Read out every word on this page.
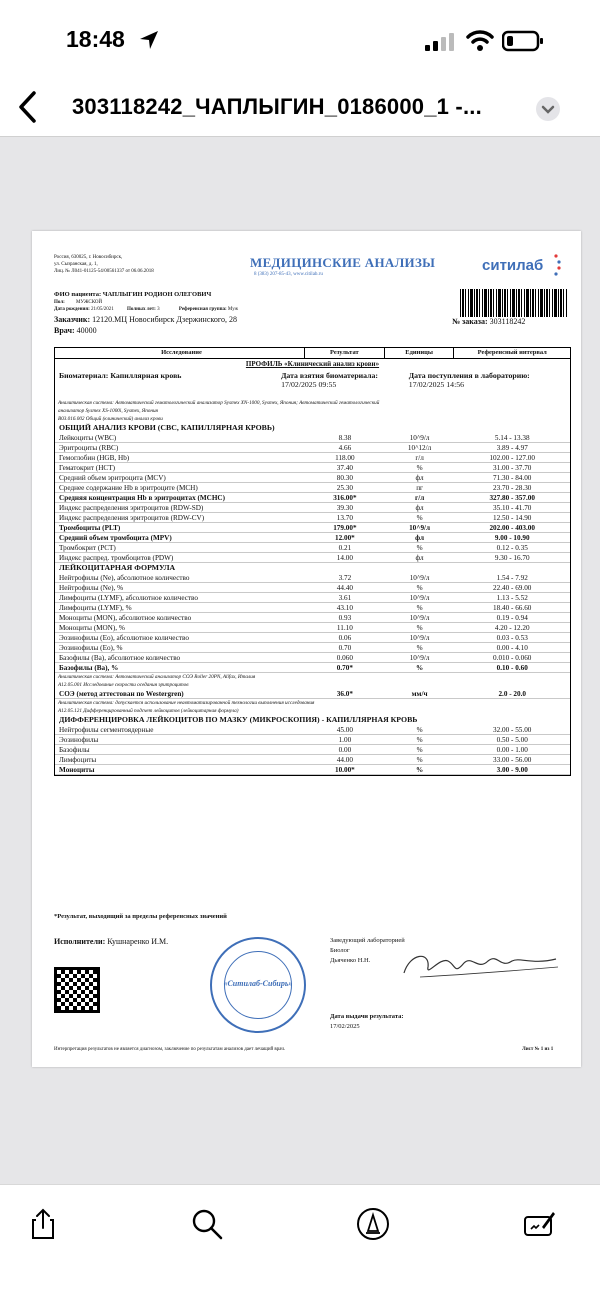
18:48
303118242_ЧАПЛЫГИН_0186000_1 -...
Россия, 630025, г. Новосибирск,
ул. Сызранская, д. 1,
Лиц. № Л041-01125-54/00561337 от 06.06.2018
МЕДИЦИНСКИЕ АНАЛИЗЫ
8 (383) 207-85-43, www.citilab.ru
ситилаб
ФИО пациента: ЧАПЛЫГИН РОДИОН ОЛЕГОВИЧ
Пол: МУЖСКОЙ
Дата рождения: 21/05/2021	Полных лет: 3	Референсная группа: Муж
Заказчик: 12120.МЦ Новосибирск Дзержинского, 28
Врач: 40000
№ заказа: 303118242
Исследование	Результат	Единицы	Референсный интервал
ПРОФИЛЬ «Клинический анализ крови»
Биоматериал: Капиллярная кровь	Дата взятия биоматериала:
17/02/2025 09:55
Дата поступления в лабораторию:
17/02/2025 14:56
Аналитическая система: Автоматический гематологический анализатор Sysmex XN-1000, Sysmex, Япония; Автоматический гематологический
анализатор Sysmex XS-1000i, Sysmex, Япония
B03.016.002 Общий (клинический) анализ крови
ОБЩИЙ АНАЛИЗ КРОВИ (CBC, КАПИЛЛЯРНАЯ КРОВЬ)
Лейкоциты (WBC)	8.38	10^9/л	5.14 - 13.38
Эритроциты (RBC)	4.66	10^12/л	3.89 - 4.97
Гемоглобин (HGB, Hb)	118.00	г/л	102.00 - 127.00
Гематокрит (HCT)	37.40	%	31.00 - 37.70
Средний объем эритроцита (MCV)	80.30	фл	71.30 - 84.00
Среднее содержание Hb в эритроците (MCH)	25.30	пг	23.70 - 28.30
Средняя концентрация Hb в эритроцитах (MCHC)	316.00*	г/л	327.80 - 357.00
Индекс распределения эритроцитов (RDW-SD)	39.30	фл	35.10 - 41.70
Индекс распределения эритроцитов (RDW-CV)	13.70	%	12.50 - 14.90
Тромбоциты (PLT)	179.00*	10^9/л	202.00 - 403.00
Средний объем тромбоцита (MPV)	12.00*	фл	9.00 - 10.90
Тромбокрит (PCT)	0.21	%	0.12 - 0.35
Индекс распред. тромбоцитов (PDW)	14.00	фл	9.30 - 16.70
ЛЕЙКОЦИТАРНАЯ ФОРМУЛА
Нейтрофилы (Ne), абсолютное количество	3.72	10^9/л	1.54 - 7.92
Нейтрофилы (Ne), %	44.40	%	22.40 - 69.00
Лимфоциты (LYMF), абсолютное количество	3.61	10^9/л	1.13 - 5.52
Лимфоциты (LYMF), %	43.10	%	18.40 - 66.60
Моноциты (MON), абсолютное количество	0.93	10^9/л	0.19 - 0.94
Моноциты (MON), %	11.10	%	4.20 - 12.20
Эозинофилы (Eo), абсолютное количество	0.06	10^9/л	0.03 - 0.53
Эозинофилы (Eo), %	0.70	%	0.00 - 4.10
Базофилы (Ba), абсолютное количество	0.060	10^9/л	0.010 - 0.060
Базофилы (Ba), %	0.70*	%	0.10 - 0.60
Аналитическая система: Автоматический анализатор СОЭ Roller 20PN, Alifax, Италия
A12.05.001 Исследование скорости оседания эритроцитов
СОЭ (метод аттестован по Westergren)	36.0*	мм/ч	2.0 - 20.0
Аналитическая система: допускается использование неавтоматизированной технологии выполнения исследования
A12.05.121 Дифференцированный подсчет лейкоцитов (лейкоцитарная формула)
ДИФФЕРЕНЦИРОВКА ЛЕЙКОЦИТОВ ПО МАЗКУ (МИКРОСКОПИЯ) - КАПИЛЛЯРНАЯ КРОВЬ
Нейтрофилы сегментоядерные	45.00	%	32.00 - 55.00
Эозинофилы	1.00	%	0.50 - 5.00
Базофилы	0.00	%	0.00 - 1.00
Лимфоциты	44.00	%	33.00 - 56.00
Моноциты	10.00*	%	3.00 - 9.00
*Результат, выходящий за пределы референсных значений
Исполнители: Кушнаренко И.М.	Заведующий лабораторией
Биолог
Дьяченко Н.Н.
«Ситилаб-Сибирь»
Дата выдачи результата:
17/02/2025
Интерпретация результатов не является диагнозом, заключение по результатам анализов дает лечащий врач.	Лист № 1 из 1
